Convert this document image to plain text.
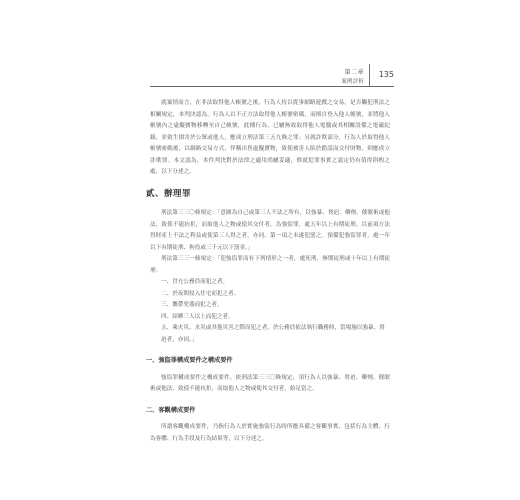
第二章
案例評析
135

就案情而言，在非法取得他人帳號之後，行為人持以從事網路遊戲之交易，是否觸犯刑法之相關規定，本判決認為，行為人以不正方法取得他人帳號密碼，而擅自登入他人帳號，並將他人帳號內之虛擬寶物移轉至自己帳號，此種行為，已屬無故取得他人電腦或其相關設備之電磁紀錄，並致生損害於公眾或他人，應成立刑法第三五九條之罪；另就詐欺部分，行為人於取得他人帳號密碼後，以網路交易方式，佯稱出售虛擬寶物，致使被害人陷於錯誤而交付財物，則應成立詐欺罪。本文認為，本件判決對於法律之適用尚屬妥適，惟就犯罪事實之認定仍有值得斟酌之處，以下分述之。

貳、辦理罪

刑法第三三〇條規定：「意圖為自己或第三人不法之所有，以強暴、脅迫、藥劑、催眠術或他法，致使不能抗拒，而取他人之物或使其交付者，為強盜罪，處五年以上有期徒刑。以前項方法得財產上不法之利益或使第三人得之者，亦同。第一項之未遂犯罰之。預備犯強盜罪者，處一年以下有期徒刑、拘役或三千元以下罰金。」

刑法第三三一條規定：「犯強盜罪而有下列情形之一者，處死刑、無期徒刑或十年以上有期徒刑：

一、冒充公務員而犯之者。

二、於夜間侵入住宅而犯之者。

三、攜帶兇器而犯之者。

四、結夥三人以上而犯之者。

五、乘火災、水災或其他災害之際而犯之者，於公務員依法執行職務時，當場施以強暴、脅迫者，亦同。」

一、強盜罪構成要件之構成要件

強盜罪構成要件之構成要件，依刑法第三三〇條規定，須行為人以強暴、脅迫、藥劑、催眠術或他法，致使不能抗拒，而取他人之物或使其交付者，始足當之。

二、客觀構成要件

所謂客觀構成要件，乃指行為人於實施強盜行為時所應具備之客觀事實，包括行為主體、行為客體、行為手段及行為結果等，以下分述之。
